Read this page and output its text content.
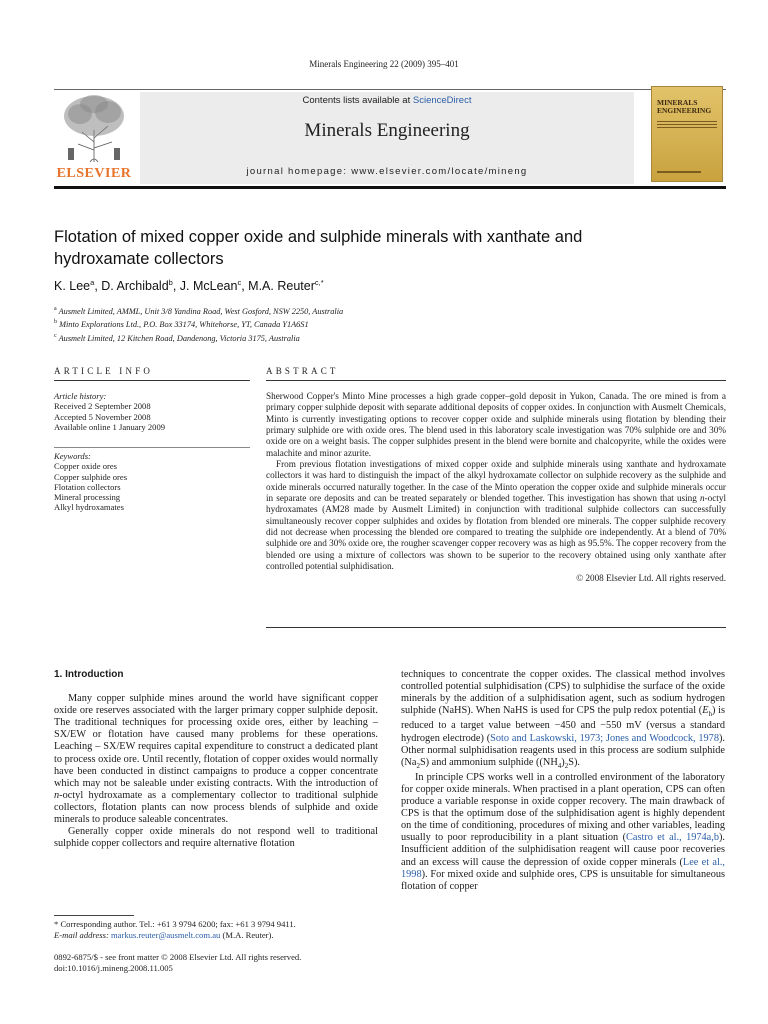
Minerals Engineering 22 (2009) 395–401
ELSEVIER
Contents lists available at ScienceDirect
Minerals Engineering
journal homepage: www.elsevier.com/locate/mineng
MINERALS
ENGINEERING
Flotation of mixed copper oxide and sulphide minerals with xanthate and hydroxamate collectors
K. Lee$^a$, D. Archibald$^b$, J. McLean$^c$, M.A. Reuter$^{c,*}$
$^a$ Ausmelt Limited, AMML, Unit 3/8 Yandina Road, West Gosford, NSW 2250, Australia
$^b$ Minto Explorations Ltd., P.O. Box 33174, Whitehorse, YT, Canada Y1A6S1
$^c$ Ausmelt Limited, 12 Kitchen Road, Dandenong, Victoria 3175, Australia
ARTICLE INFO	ABSTRACT
Article history:
Received 2 September 2008
Accepted 5 November 2008
Available online 1 January 2009
Keywords:
Copper oxide ores
Copper sulphide ores
Flotation collectors
Mineral processing
Alkyl hydroxamates

Sherwood Copper's Minto Mine processes a high grade copper–gold deposit in Yukon, Canada. The ore mined is from a primary copper sulphide deposit with separate additional deposits of copper oxides. In conjunction with Ausmelt Chemicals, Minto is currently investigating options to recover copper oxide and sulphide minerals using flotation by blending their primary sulphide ore with oxide ores. The blend used in this laboratory scale investigation was 70% sulphide ore and 30% oxide ore on a weight basis. The copper sulphides present in the blend were bornite and chalcopyrite, while the oxides were malachite and minor azurite.

From previous flotation investigations of mixed copper oxide and sulphide minerals using xanthate and hydroxamate collectors it was hard to distinguish the impact of the alkyl hydroxamate collector on sulphide recovery as the sulphide and oxide minerals occurred naturally together. In the case of the Minto operation the copper oxide and sulphide minerals occur in separate ore deposits and can be treated separately or blended together. This investigation has shown that using n-octyl hydroxamates (AM28 made by Ausmelt Limited) in conjunction with traditional sulphide collectors can successfully simultaneously recover copper sulphides and oxides by flotation from blended ore minerals. The copper sulphide recovery did not decrease when processing the blended ore compared to treating the sulphide ore independently. At a blend of 70% sulphide ore and 30% oxide ore, the rougher scavenger copper recovery was as high as 95.5%. The copper recovery from the blended ore using a mixture of collectors was shown to be superior to the recovery obtained using only xanthate after controlled potential sulphidisation.

© 2008 Elsevier Ltd. All rights reserved.

1. Introduction

Many copper sulphide mines around the world have significant copper oxide ore reserves associated with the larger primary copper sulphide deposit. The traditional techniques for processing oxide ores, either by leaching – SX/EW or flotation have caused many problems for these operations. Leaching – SX/EW requires capital expenditure to construct a dedicated plant to process oxide ore. Until recently, flotation of copper oxides would normally have been conducted in distinct campaigns to produce a copper concentrate which may not be saleable under existing contracts. With the introduction of n-octyl hydroxamate as a complementary collector to traditional sulphide collectors, flotation plants can now process blends of sulphide and oxide minerals to produce saleable concentrates.

Generally copper oxide minerals do not respond well to traditional sulphide copper collectors and require alternative flotation

techniques to concentrate the copper oxides. The classical method involves controlled potential sulphidisation (CPS) to sulphidise the surface of the oxide minerals by the addition of a sulphidisation agent, such as sodium hydrogen sulphide (NaHS). When NaHS is used for CPS the pulp redox potential $(E_h)$ is reduced to a target value between −450 and −550 mV (versus a standard hydrogen electrode) (Soto and Laskowski, 1973; Jones and Woodcock, 1978). Other normal sulphidisation reagents used in this process are sodium sulphide $(Na_2S)$ and ammonium sulphide $((NH_4)_2S)$.

In principle CPS works well in a controlled environment of the laboratory for copper oxide minerals. When practised in a plant operation, CPS can often produce a variable response in oxide copper recovery. The main drawback of CPS is that the optimum dose of the sulphidisation agent is highly dependent on the time of conditioning, procedures of mixing and other variables, leading usually to poor reproducibility in a plant situation (Castro et al., 1974a,b). Insufficient addition of the sulphidisation reagent will cause poor recoveries and an excess will cause the depression of oxide copper minerals (Lee et al., 1998). For mixed oxide and sulphide ores, CPS is unsuitable for simultaneous flotation of copper

* Corresponding author. Tel.: +61 3 9794 6200; fax: +61 3 9794 9411.
E-mail address: markus.reuter@ausmelt.com.au (M.A. Reuter).
0892-6875/$ - see front matter © 2008 Elsevier Ltd. All rights reserved.
doi:10.1016/j.mineng.2008.11.005
